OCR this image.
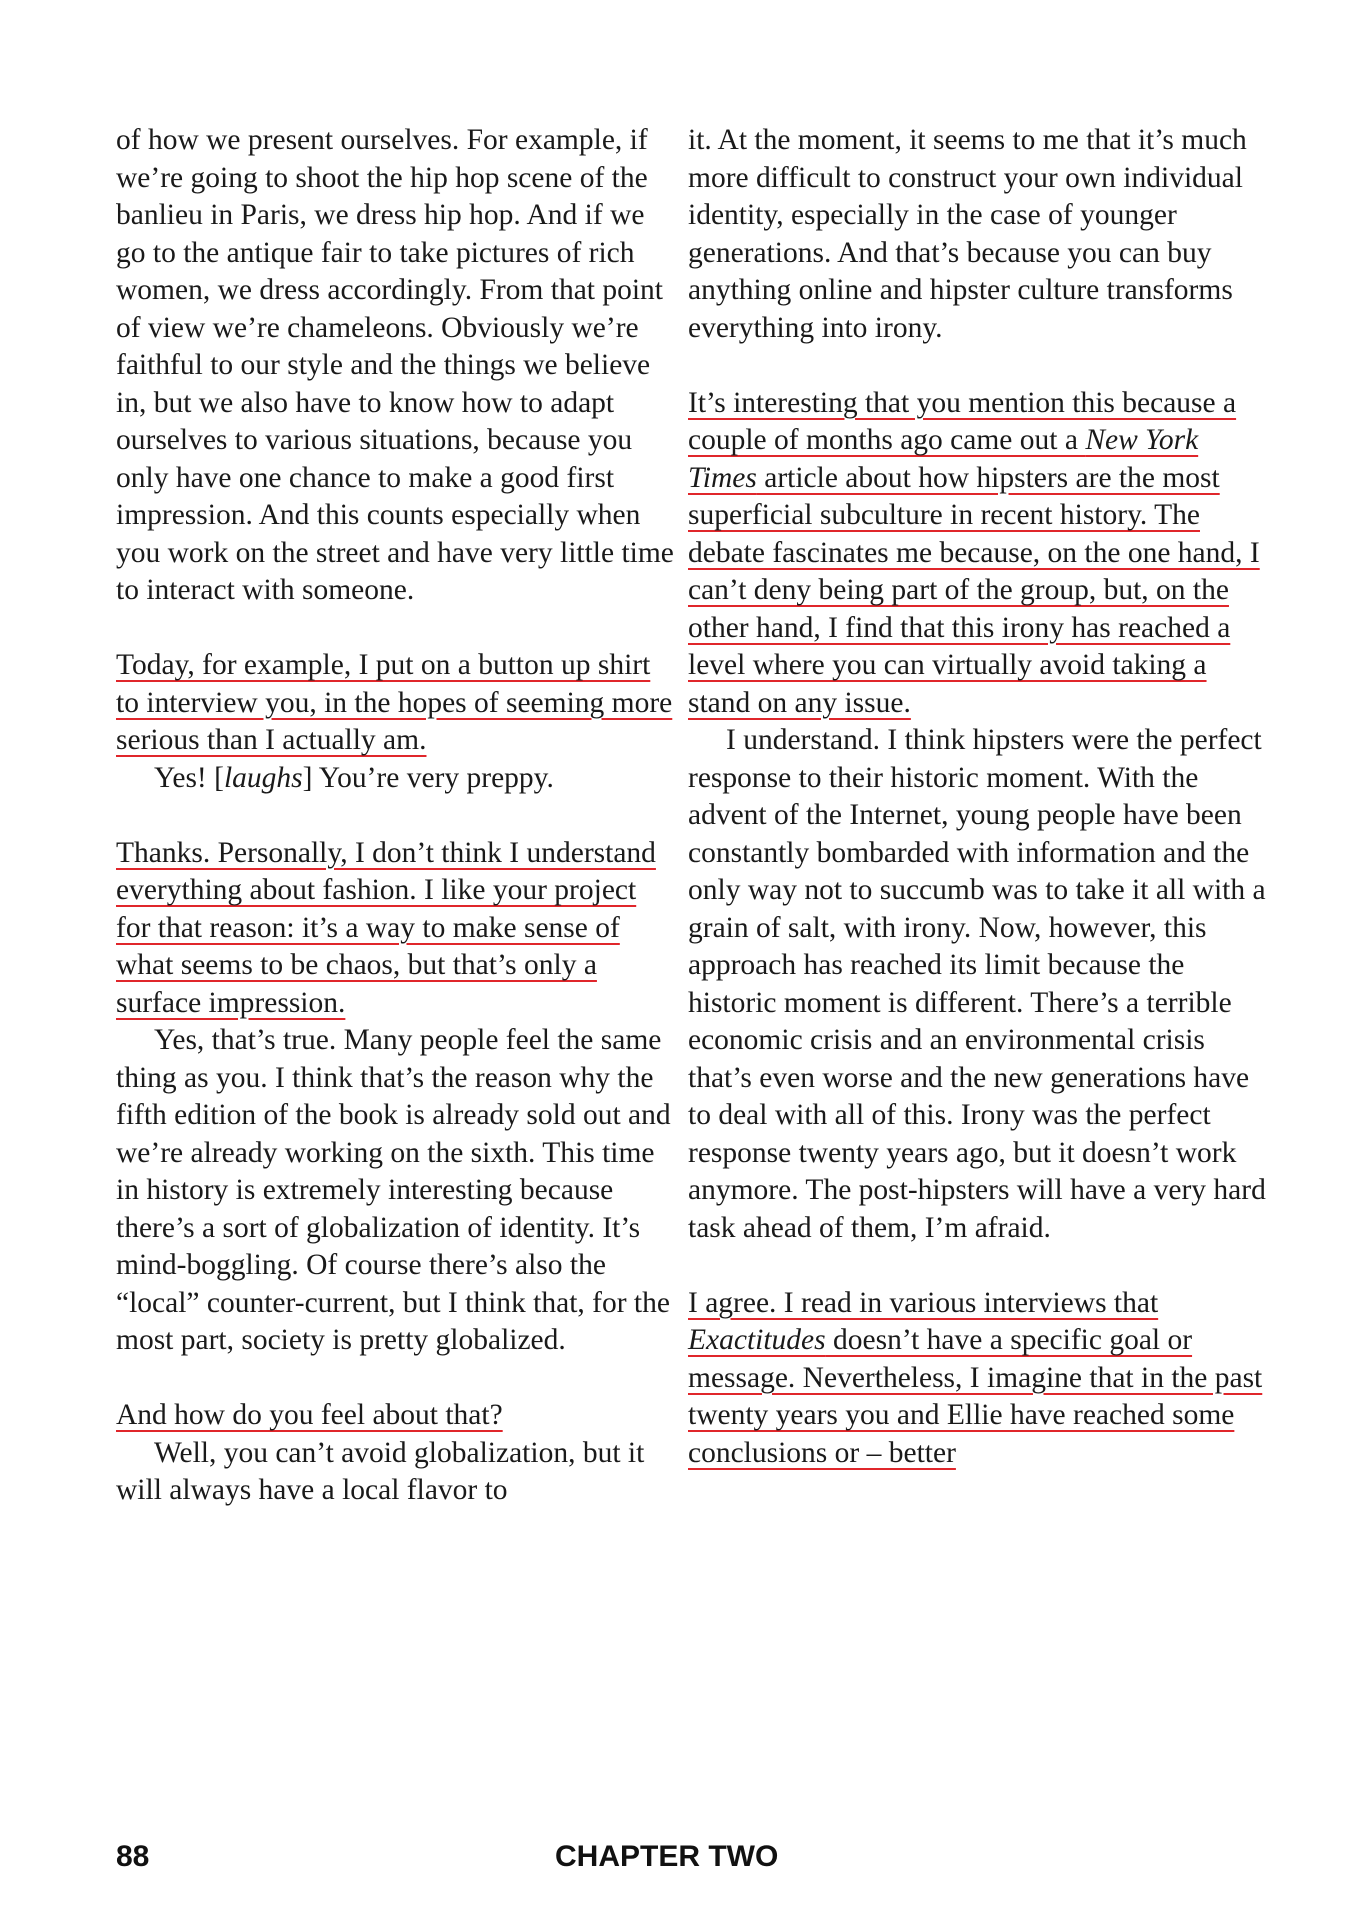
of how we present ourselves. For example, if we’re going to shoot the hip hop scene of the banlieu in Paris, we dress hip hop. And if we go to the antique fair to take pictures of rich women, we dress accordingly. From that point of view we’re chameleons. Obviously we’re faithful to our style and the things we believe in, but we also have to know how to adapt ourselves to various situations, because you only have one chance to make a good first impression. And this counts especially when you work on the street and have very little time to interact with someone.

Today, for example, I put on a button up shirt to interview you, in the hopes of seeming more serious than I actually am.

Yes! [laughs] You’re very preppy.

Thanks. Personally, I don’t think I understand everything about fashion. I like your project for that reason: it’s a way to make sense of what seems to be chaos, but that’s only a surface impression.

Yes, that’s true. Many people feel the same thing as you. I think that’s the reason why the fifth edition of the book is already sold out and we’re already working on the sixth. This time in history is extremely interesting because there’s a sort of globalization of identity. It’s mind-boggling. Of course there’s also the “local” counter-current, but I think that, for the most part, society is pretty globalized.

And how do you feel about that?

Well, you can’t avoid globalization, but it will always have a local flavor to

it. At the moment, it seems to me that it’s much more difficult to construct your own individual identity, especially in the case of younger generations. And that’s because you can buy anything online and hipster culture transforms everything into irony.

It’s interesting that you mention this because a couple of months ago came out a New York Times article about how hipsters are the most superficial subculture in recent history. The debate fascinates me because, on the one hand, I can’t deny being part of the group, but, on the other hand, I find that this irony has reached a level where you can virtually avoid taking a stand on any issue.

I understand. I think hipsters were the perfect response to their historic moment. With the advent of the Internet, young people have been constantly bombarded with information and the only way not to succumb was to take it all with a grain of salt, with irony. Now, however, this approach has reached its limit because the historic moment is different. There’s a terrible economic crisis and an environmental crisis that’s even worse and the new generations have to deal with all of this. Irony was the perfect response twenty years ago, but it doesn’t work anymore. The post-hipsters will have a very hard task ahead of them, I’m afraid.

I agree. I read in various interviews that Exactitudes doesn’t have a specific goal or message. Nevertheless, I imagine that in the past twenty years you and Ellie have reached some conclusions or – better

88	CHAPTER TWO
